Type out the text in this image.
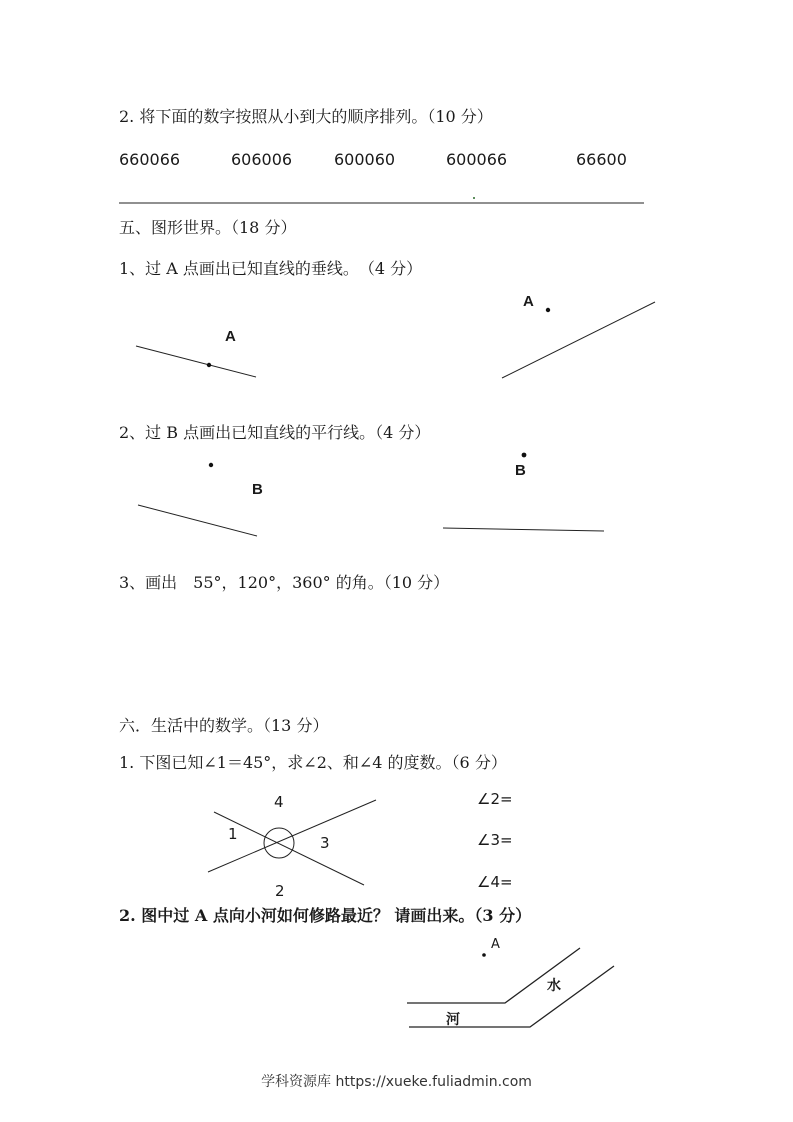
2. 将下面的数字按照从小到大的顺序排列。（10 分）
660066	606006	600060	600066	66600
五、图形世界。（18 分）
1、过 A 点画出已知直线的垂线。　（4 分）
A
A
2、过 B 点画出已知直线的平行线。（4 分）
B
B
3、画出　55°，120°，360° 的角。（10 分）
六．生活中的数学。（13 分）
1. 下图已知∠1＝45°，求∠2、和∠4 的度数。（6 分）
1
2
3
4	∠2=
∠3=
∠4=
2. 图中过 A 点向小河如何修路最近？ 请画出来。（3 分）
A
水
河
学科资源库 https://xueke.fuliadmin.com
